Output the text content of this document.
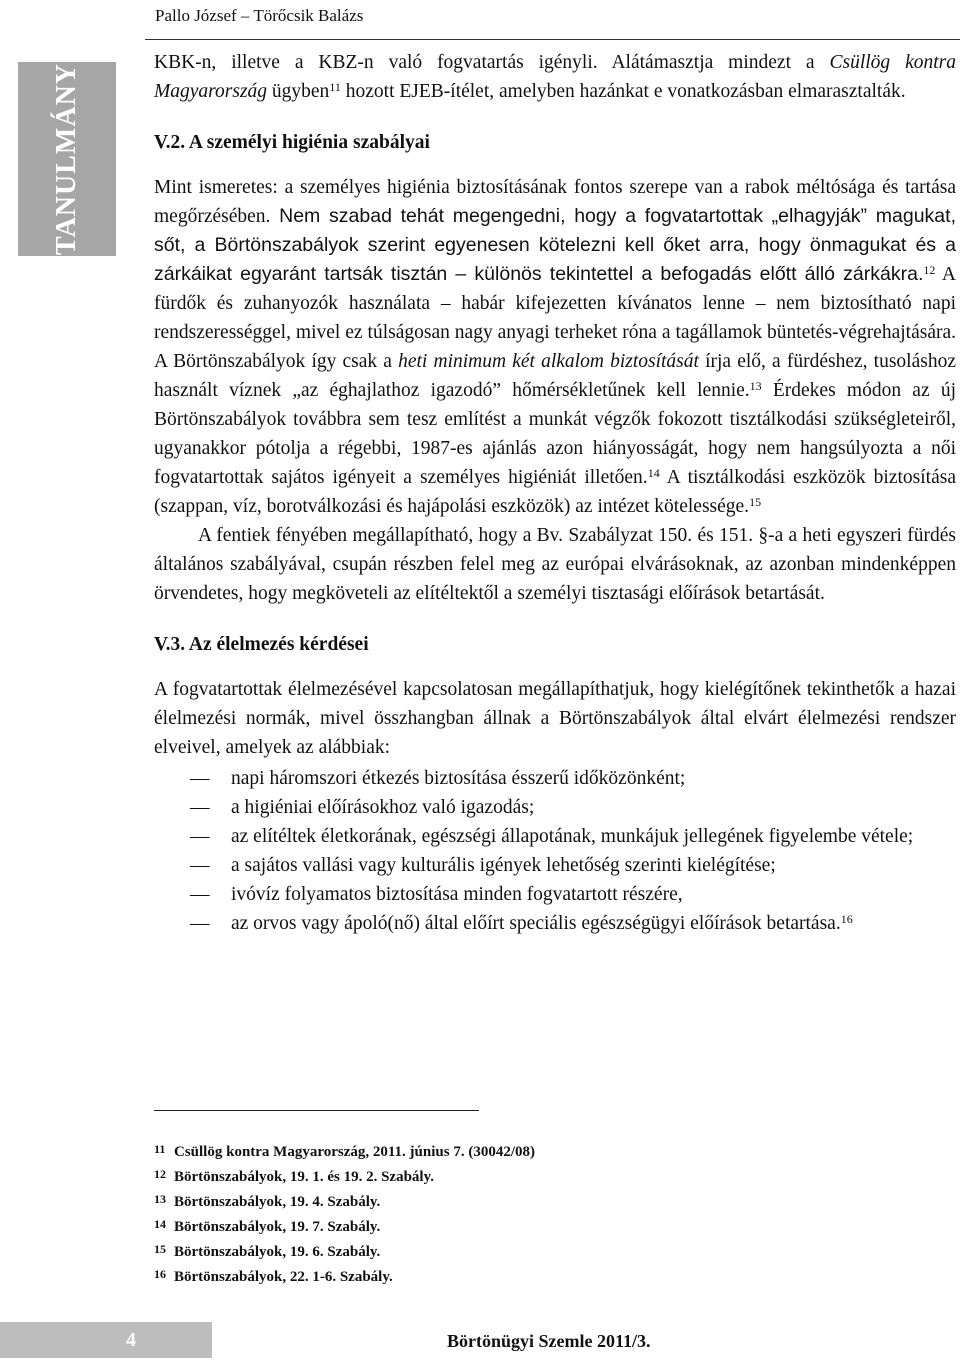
Pallo József – Törőcsik Balázs
TANULMÁNY

KBK-n, illetve a KBZ-n való fogvatartás igényli. Alátámasztja mindezt a Csüllög kontra Magyarország ügyben$^{11}$ hozott EJEB-ítélet, amelyben hazánkat e vonatkozásban elmarasztalták.

V.2. A személyi higiénia szabályai

Mint ismeretes: a személyes higiénia biztosításának fontos szerepe van a rabok méltósága és tartása megőrzésében. Nem szabad tehát megengedni, hogy a fogvatartottak „elhagyják” magukat, sőt, a Börtönszabályok szerint egyenesen kötelezni kell őket arra, hogy önmagukat és a zárkáikat egyaránt tartsák tisztán – különös tekintettel a befogadás előtt álló zárkákra.$^{12}$ A fürdők és zuhanyozók használata – habár kifejezetten kívánatos lenne – nem biztosítható napi rendszerességgel, mivel ez túlságosan nagy anyagi terheket róna a tagállamok büntetés-végrehajtására. A Börtönszabályok így csak a heti minimum két alkalom biztosítását írja elő, a fürdéshez, tusoláshoz használt víznek „az éghajlathoz igazodó” hőmérsékletűnek kell lennie.$^{13}$ Érdekes módon az új Börtönszabályok továbbra sem tesz említést a munkát végzők fokozott tisztálkodási szükségleteiről, ugyanakkor pótolja a régebbi, 1987-es ajánlás azon hiányosságát, hogy nem hangsúlyozta a női fogvatartottak sajátos igényeit a személyes higiéniát illetően.$^{14}$ A tisztálkodási eszközök biztosítása (szappan, víz, borotválkozási és hajápolási eszközök) az intézet kötelessége.$^{15}$

A fentiek fényében megállapítható, hogy a Bv. Szabályzat 150. és 151. §-a a heti egyszeri fürdés általános szabályával, csupán részben felel meg az európai elvárásoknak, az azonban mindenképpen örvendetes, hogy megköveteli az elítéltektől a személyi tisztasági előírások betartását.

V.3. Az élelmezés kérdései

A fogvatartottak élelmezésével kapcsolatosan megállapíthatjuk, hogy kielégítőnek tekinthetők a hazai élelmezési normák, mivel összhangban állnak a Börtönszabályok által elvárt élelmezési rendszer elveivel, amelyek az alábbiak:

— napi háromszori étkezés biztosítása ésszerű időközönként;
— a higiéniai előírásokhoz való igazodás;
— az elítéltek életkorának, egészségi állapotának, munkájuk jellegének figyelembe vétele;
— a sajátos vallási vagy kulturális igények lehetőség szerinti kielégítése;
— ivóvíz folyamatos biztosítása minden fogvatartott részére,
— az orvos vagy ápoló(nő) által előírt speciális egészségügyi előírások betartása.$^{16}$
11 Csüllög kontra Magyarország, 2011. június 7. (30042/08)
12 Börtönszabályok, 19. 1. és 19. 2. Szabály.
13 Börtönszabályok, 19. 4. Szabály.
14 Börtönszabályok, 19. 7. Szabály.
15 Börtönszabályok, 19. 6. Szabály.
16 Börtönszabályok, 22. 1-6. Szabály.
4	Börtönügyi Szemle 2011/3.
